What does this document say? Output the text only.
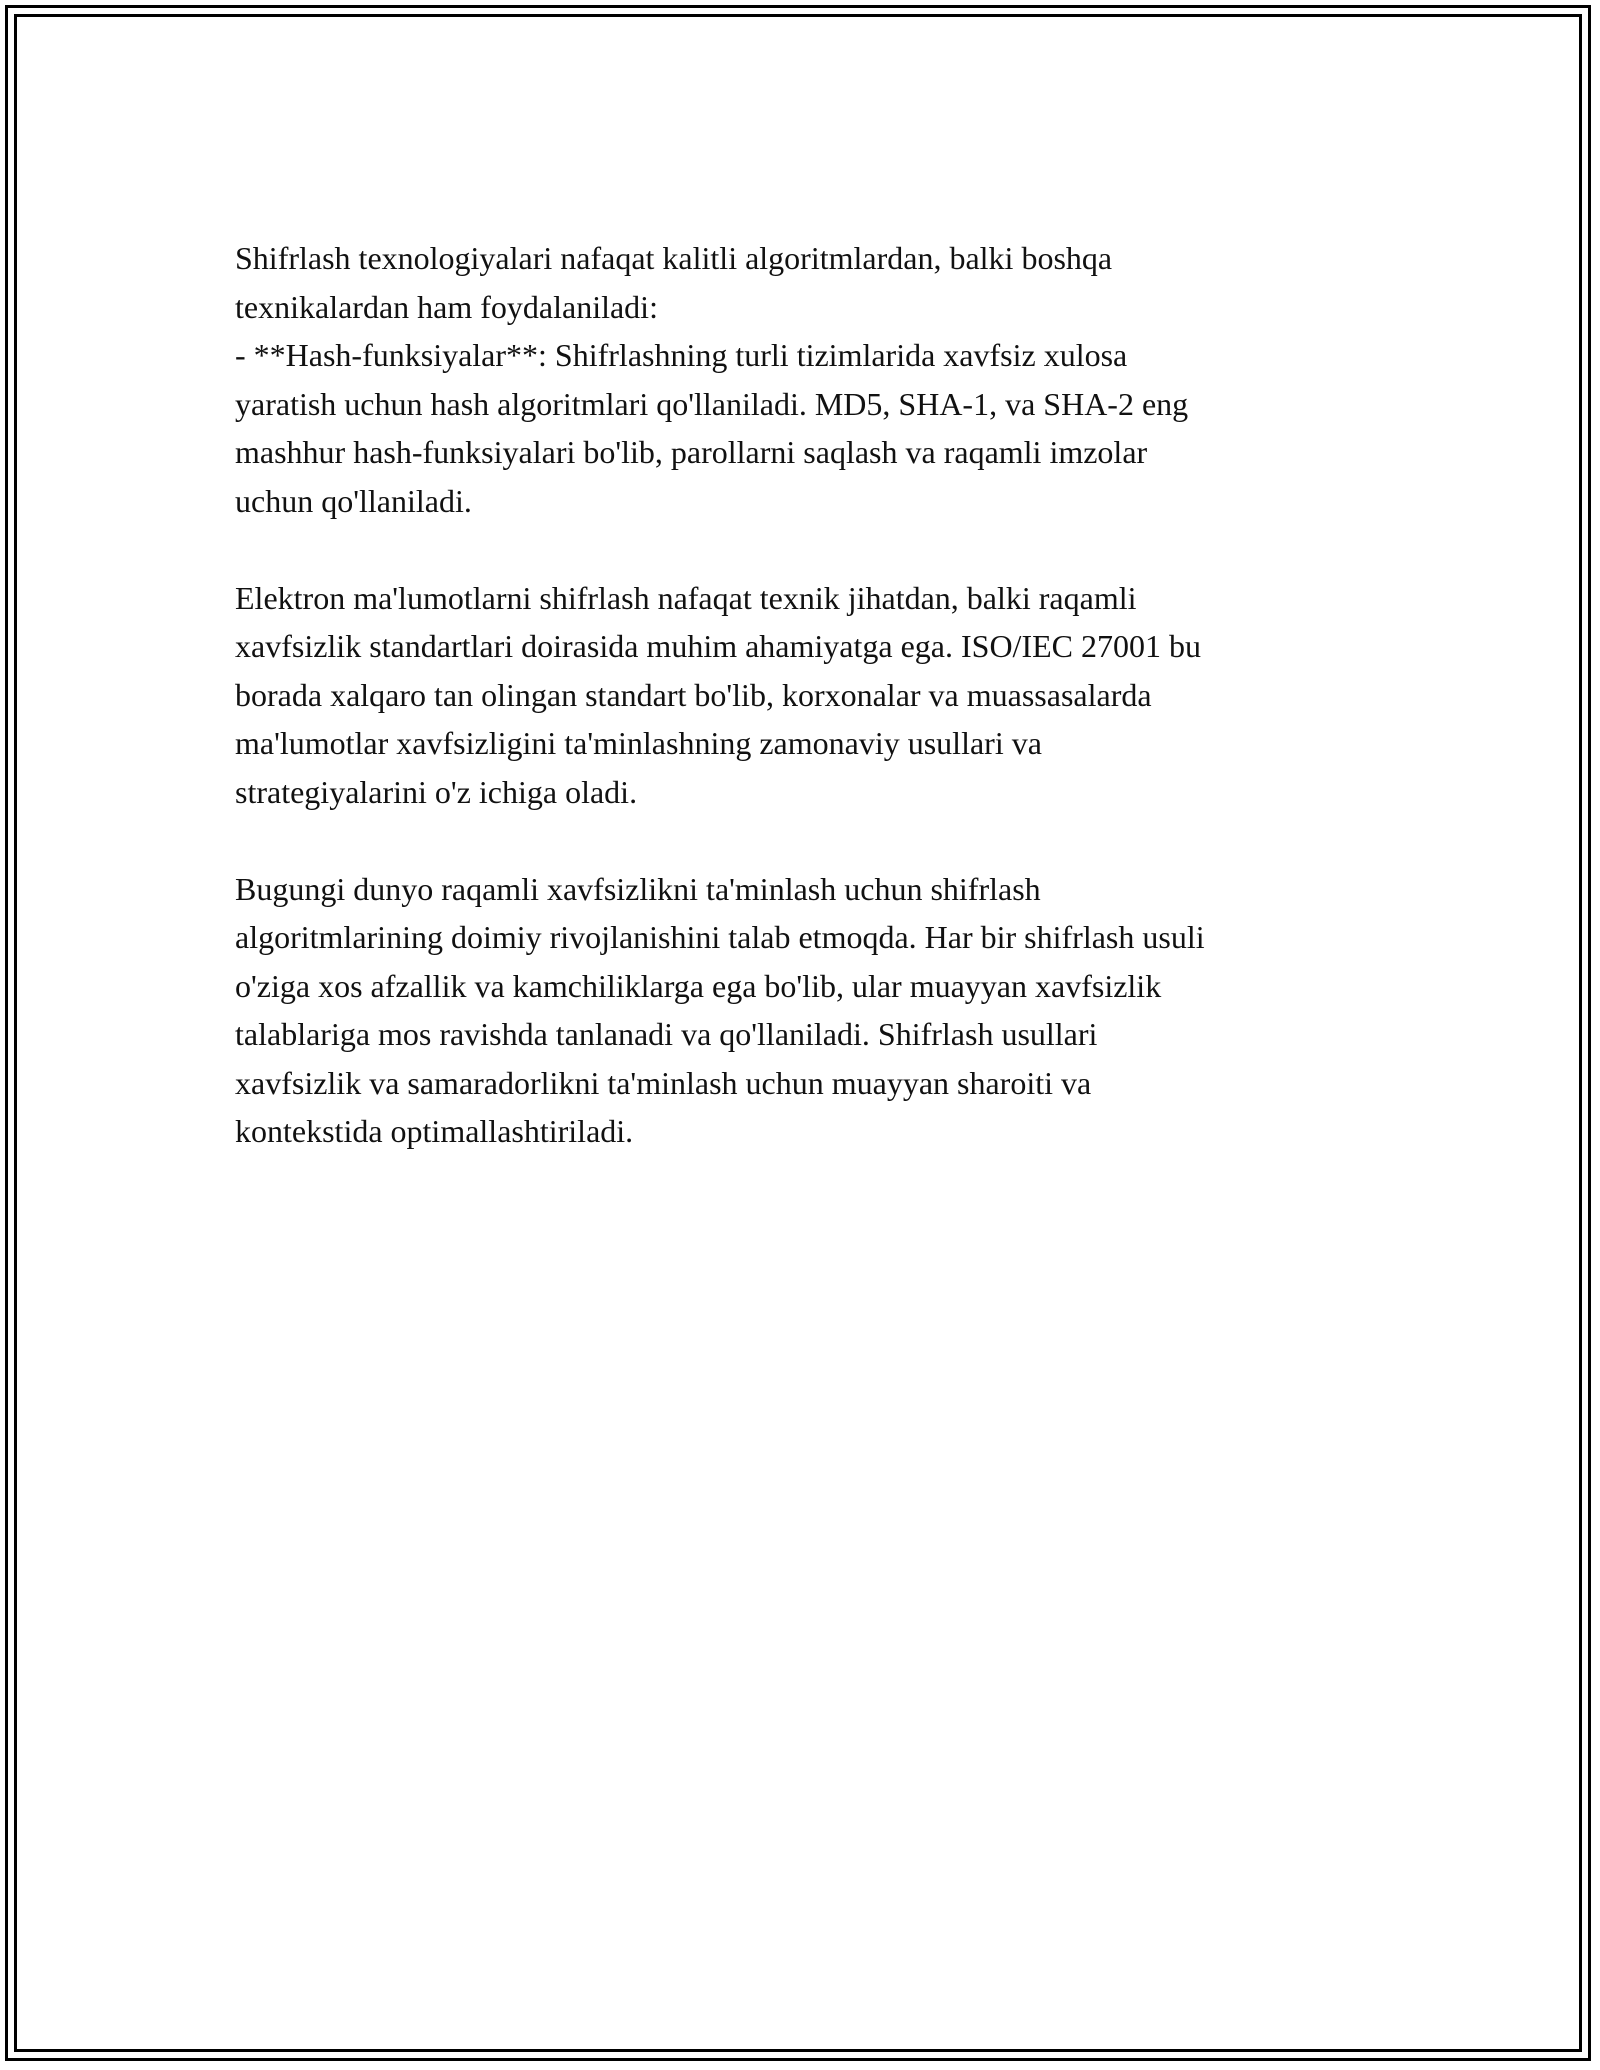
Shifrlash texnologiyalari nafaqat kalitli algoritmlardan, balki boshqa
texnikalardan ham foydalaniladi:
- **Hash-funksiyalar**: Shifrlashning turli tizimlarida xavfsiz xulosa
yaratish uchun hash algoritmlari qo'llaniladi. MD5, SHA-1, va SHA-2 eng
mashhur hash-funksiyalari bo'lib, parollarni saqlash va raqamli imzolar
uchun qo'llaniladi.

Elektron ma'lumotlarni shifrlash nafaqat texnik jihatdan, balki raqamli
xavfsizlik standartlari doirasida muhim ahamiyatga ega. ISO/IEC 27001 bu
borada xalqaro tan olingan standart bo'lib, korxonalar va muassasalarda
ma'lumotlar xavfsizligini ta'minlashning zamonaviy usullari va
strategiyalarini o'z ichiga oladi.

Bugungi dunyo raqamli xavfsizlikni ta'minlash uchun shifrlash
algoritmlarining doimiy rivojlanishini talab etmoqda. Har bir shifrlash usuli
o'ziga xos afzallik va kamchiliklarga ega bo'lib, ular muayyan xavfsizlik
talablariga mos ravishda tanlanadi va qo'llaniladi. Shifrlash usullari
xavfsizlik va samaradorlikni ta'minlash uchun muayyan sharoiti va
kontekstida optimallashtiriladi.
